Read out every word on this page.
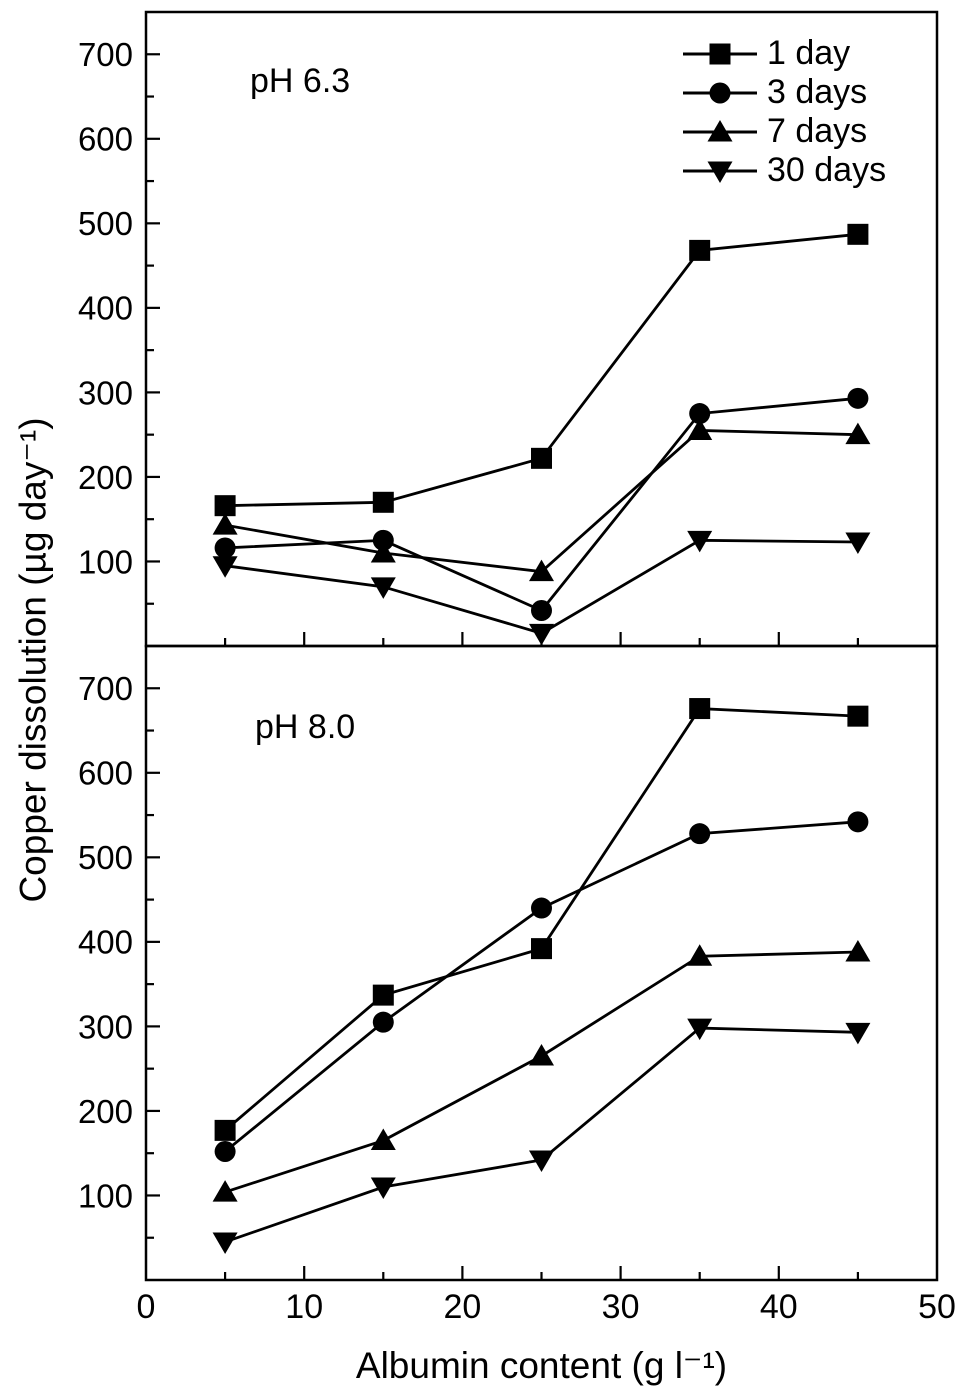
100
200
300
400
500
600
700
100
200
300
400
500
600
700
0	10	20	30	40	50
pH 6.3
pH 8.0
Copper dissolution (µg day⁻¹)
Albumin content (g l⁻¹)
1 day
3 days
7 days
30 days
